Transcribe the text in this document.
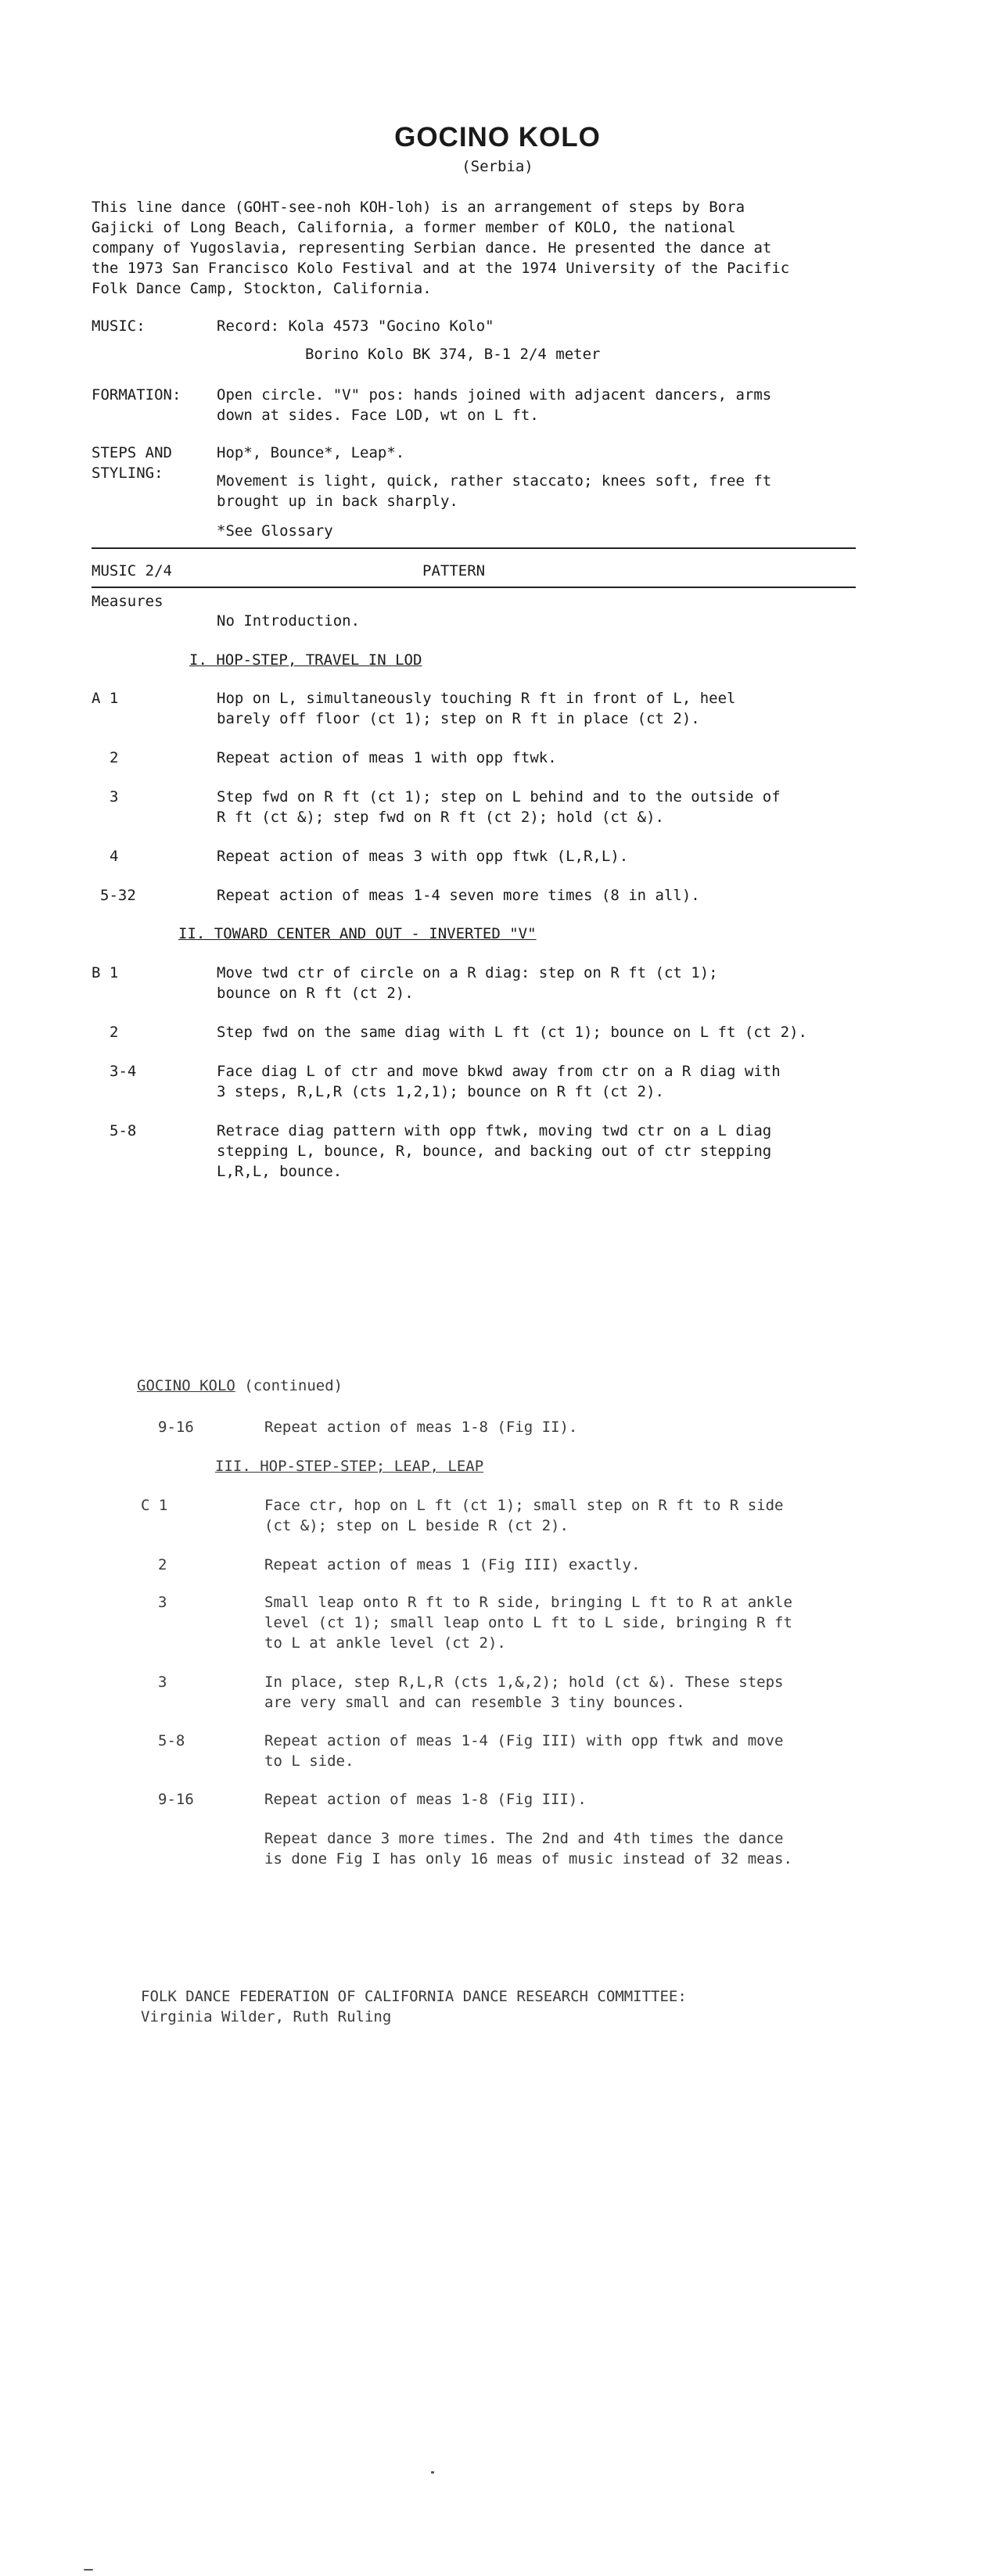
GOCINO KOLO
(Serbia)
This line dance (GOHT-see-noh KOH-loh) is an arrangement of steps by Bora
Gajicki of Long Beach, California, a former member of KOLO, the national
company of Yugoslavia, representing Serbian dance. He presented the dance at
the 1973 San Francisco Kolo Festival and at the 1974 University of the Pacific
Folk Dance Camp, Stockton, California.
MUSIC:	Record: Kola 4573 "Gocino Kolo"
Borino Kolo BK 374, B-1 2/4 meter
FORMATION: Open circle. "V" pos: hands joined with adjacent dancers, arms
down at sides. Face LOD, wt on L ft.
STEPS AND
STYLING:
Hop*, Bounce*, Leap*.
Movement is light, quick, rather staccato; knees soft, free ft
brought up in back sharply.
*See Glossary
MUSIC 2/4	PATTERN
Measures
No Introduction.
I. HOP-STEP, TRAVEL IN LOD
A 1	Hop on L, simultaneously touching R ft in front of L, heel
barely off floor (ct 1); step on R ft in place (ct 2).
2	Repeat action of meas 1 with opp ftwk.
3	Step fwd on R ft (ct 1); step on L behind and to the outside of
R ft (ct &); step fwd on R ft (ct 2); hold (ct &).
4	Repeat action of meas 3 with opp ftwk (L,R,L).
5-32	Repeat action of meas 1-4 seven more times (8 in all).
II. TOWARD CENTER AND OUT - INVERTED "V"
B 1	Move twd ctr of circle on a R diag: step on R ft (ct 1);
bounce on R ft (ct 2).
2	Step fwd on the same diag with L ft (ct 1); bounce on L ft (ct 2).
3-4	Face diag L of ctr and move bkwd away from ctr on a R diag with
3 steps, R,L,R (cts 1,2,1); bounce on R ft (ct 2).
5-8	Retrace diag pattern with opp ftwk, moving twd ctr on a L diag
stepping L, bounce, R, bounce, and backing out of ctr stepping
L,R,L, bounce.
GOCINO KOLO (continued)
9-16	Repeat action of meas 1-8 (Fig II).
III. HOP-STEP-STEP; LEAP, LEAP
C 1	Face ctr, hop on L ft (ct 1); small step on R ft to R side
(ct &); step on L beside R (ct 2).
2	Repeat action of meas 1 (Fig III) exactly.
3	Small leap onto R ft to R side, bringing L ft to R at ankle
level (ct 1); small leap onto L ft to L side, bringing R ft
to L at ankle level (ct 2).
3	In place, step R,L,R (cts 1,&,2); hold (ct &). These steps
are very small and can resemble 3 tiny bounces.
5-8	Repeat action of meas 1-4 (Fig III) with opp ftwk and move
to L side.
9-16	Repeat action of meas 1-8 (Fig III).
Repeat dance 3 more times. The 2nd and 4th times the dance
is done Fig I has only 16 meas of music instead of 32 meas.
FOLK DANCE FEDERATION OF CALIFORNIA DANCE RESEARCH COMMITTEE:
Virginia Wilder, Ruth Ruling
